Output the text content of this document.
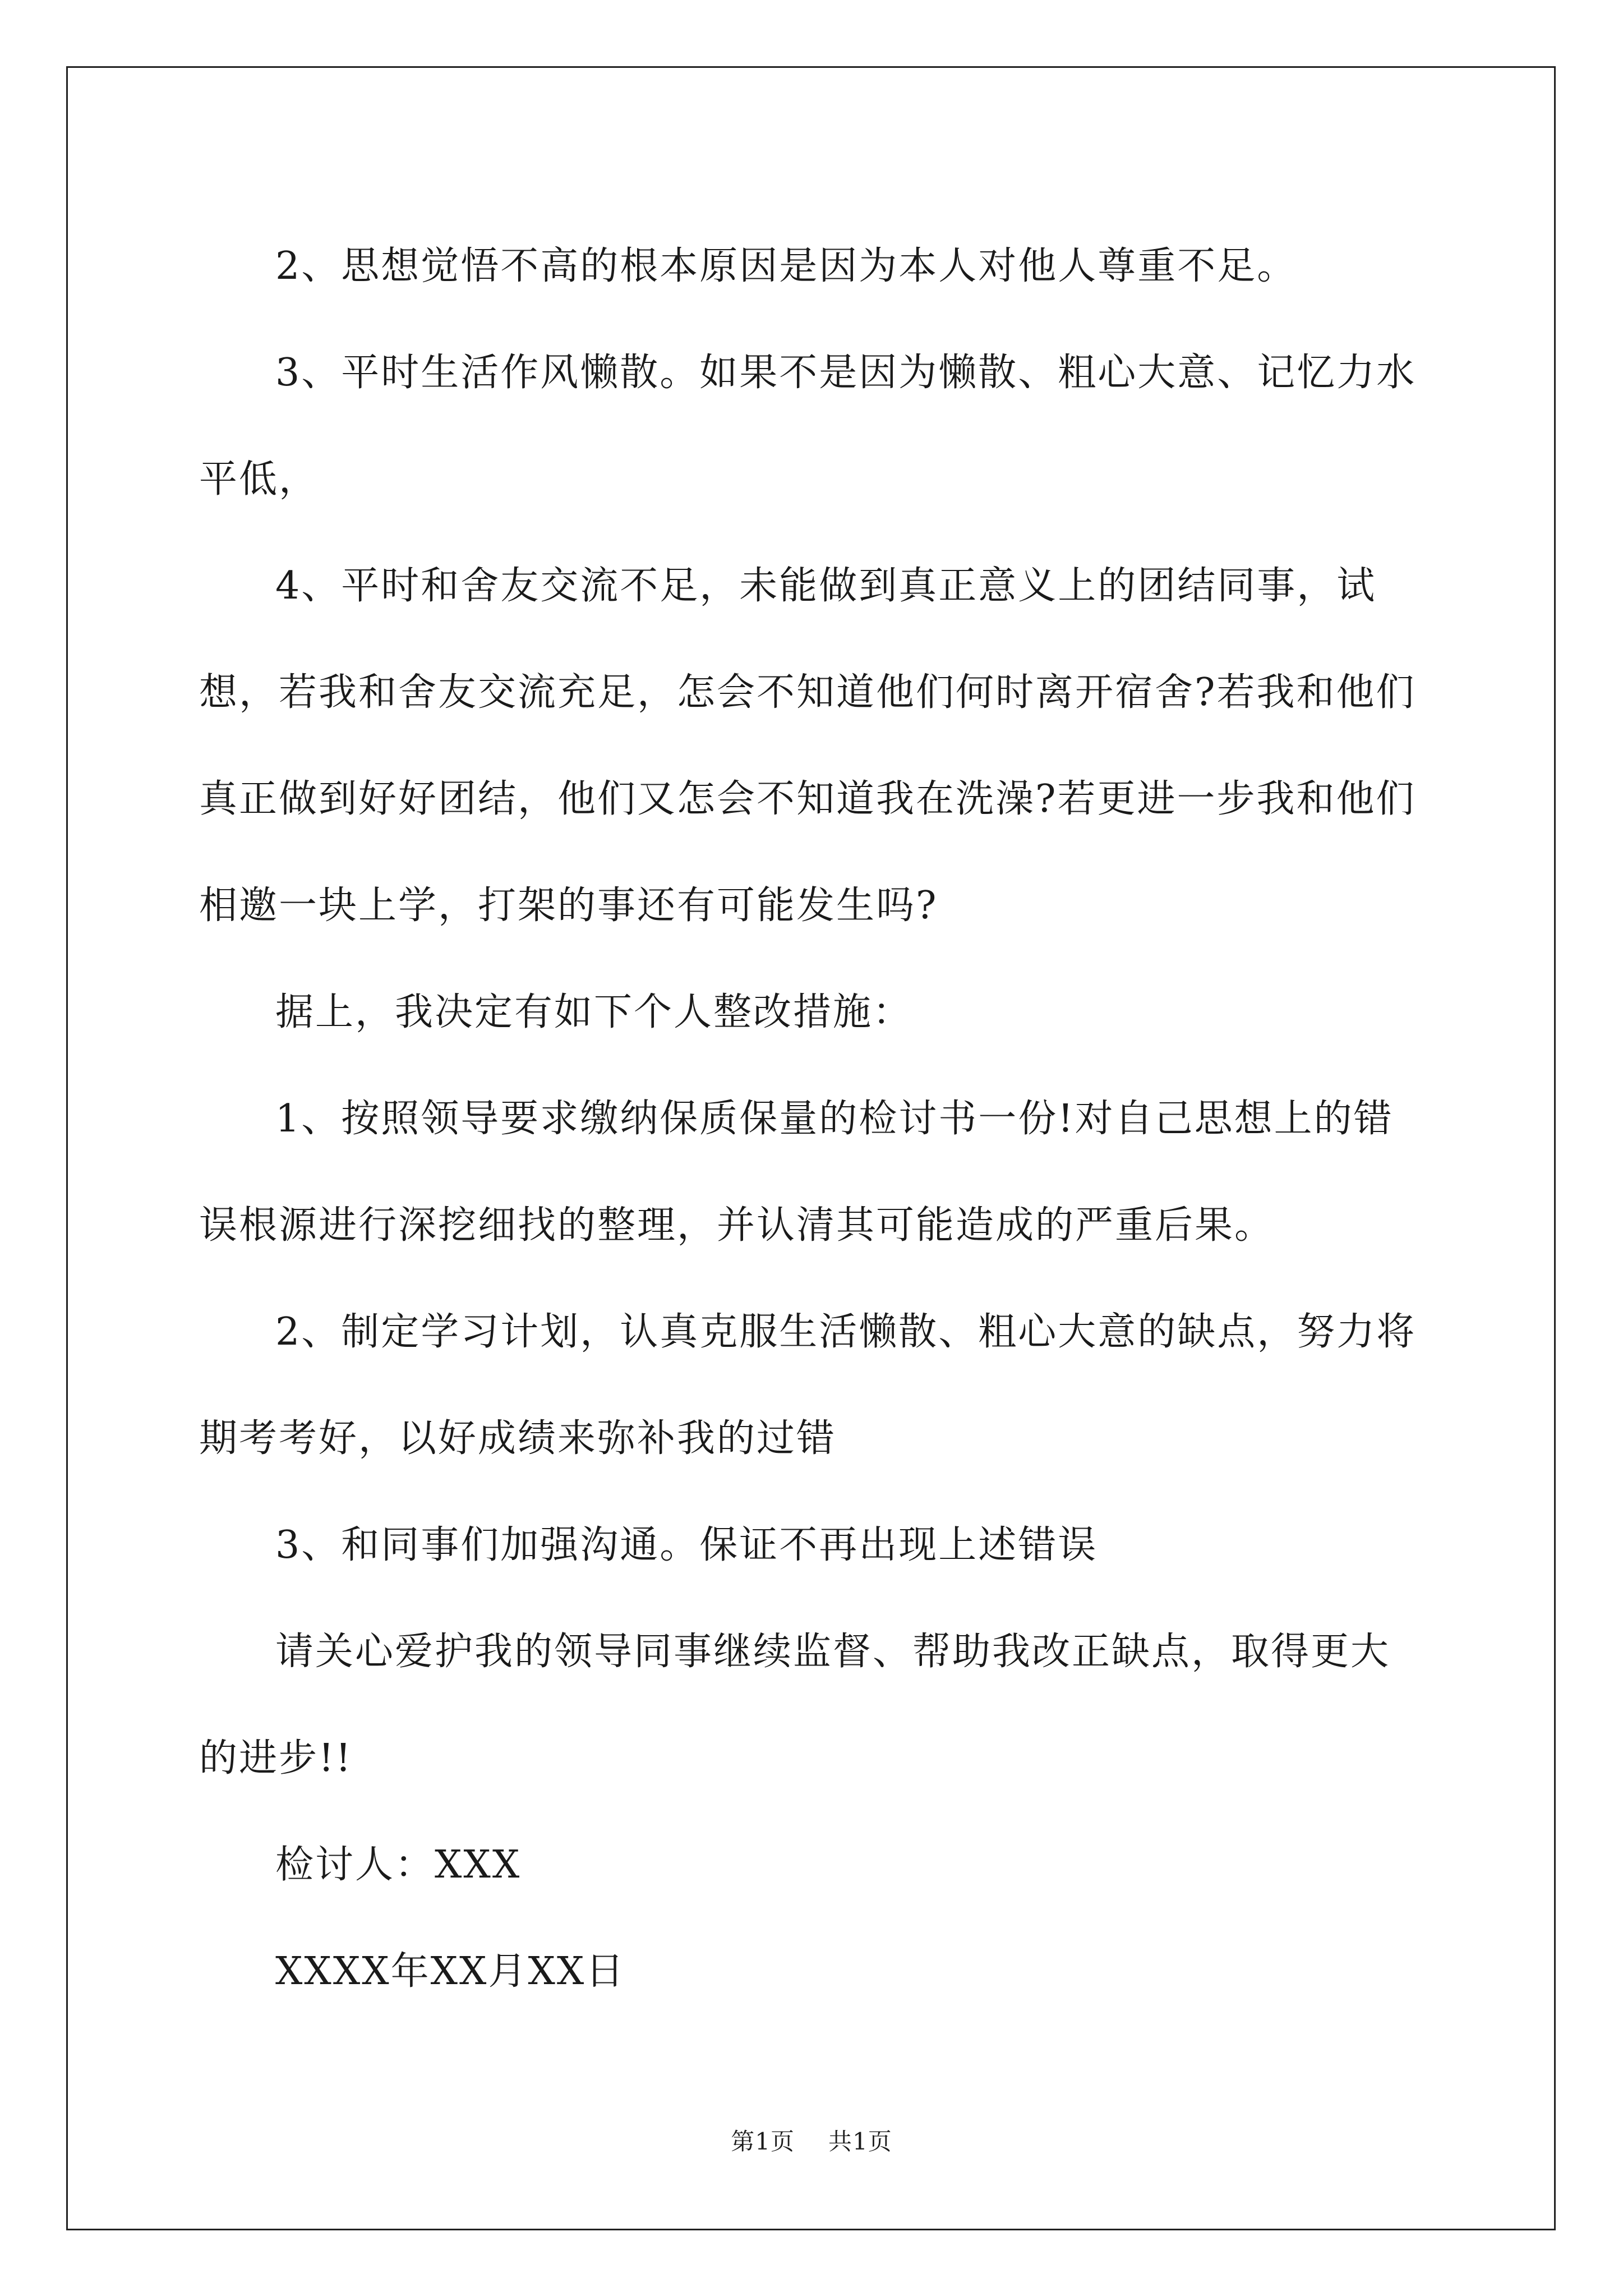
2、思想觉悟不高的根本原因是因为本人对他人尊重不足。

3、平时生活作风懒散。如果不是因为懒散、粗心大意、记忆力水平低，

4、平时和舍友交流不足，未能做到真正意义上的团结同事，试想，若我和舍友交流充足，怎会不知道他们何时离开宿舍?若我和他们真正做到好好团结，他们又怎会不知道我在洗澡?若更进一步我和他们相邀一块上学，打架的事还有可能发生吗?

据上，我决定有如下个人整改措施：

1、按照领导要求缴纳保质保量的检讨书一份!对自己思想上的错误根源进行深挖细找的整理，并认清其可能造成的严重后果。

2、制定学习计划，认真克服生活懒散、粗心大意的缺点，努力将期考考好，以好成绩来弥补我的过错

3、和同事们加强沟通。保证不再出现上述错误

请关心爱护我的领导同事继续监督、帮助我改正缺点，取得更大的进步!!

检讨人：XXX

XXXX年XX月XX日

第1页 共1页
